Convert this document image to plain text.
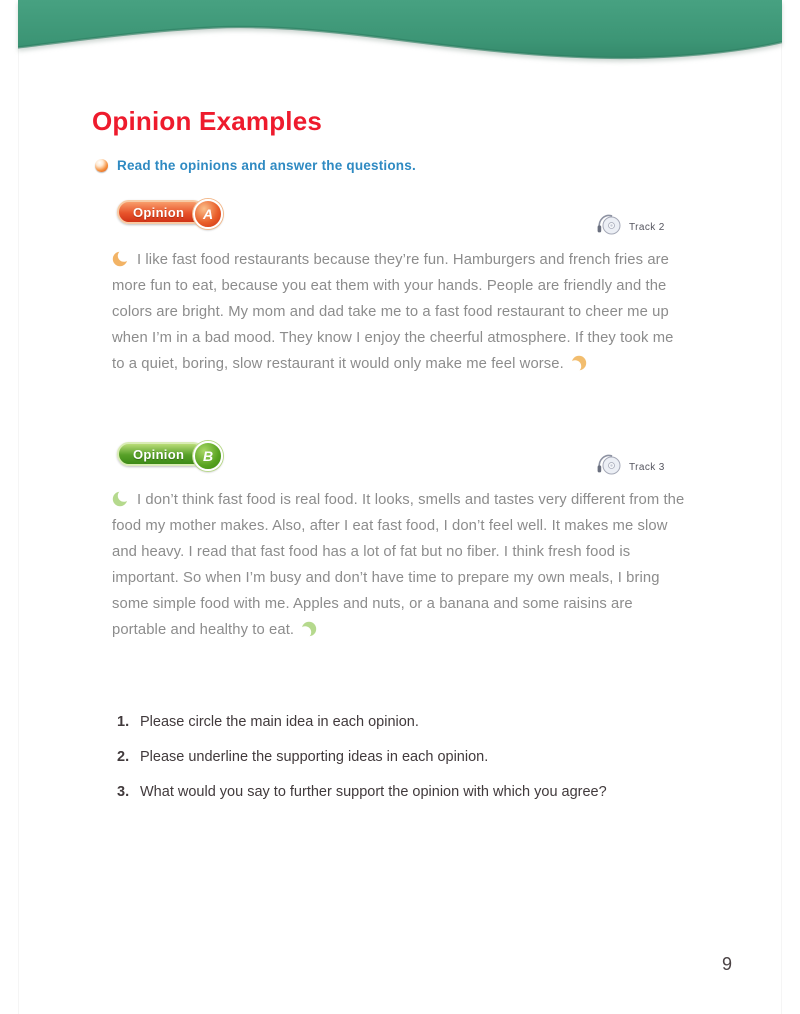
Opinion Examples
Read the opinions and answer the questions.
Opinion	A
Track 2
I like fast food restaurants because they’re fun. Hamburgers and french fries are more fun to eat, because you eat them with your hands. People are friendly and the colors are bright. My mom and dad take me to a fast food restaurant to cheer me up when I’m in a bad mood. They know I enjoy the cheerful atmosphere. If they took me to a quiet, boring, slow restaurant it would only make me feel worse.
Opinion	B
Track 3
I don’t think fast food is real food. It looks, smells and tastes very different from the food my mother makes. Also, after I eat fast food, I don’t feel well. It makes me slow and heavy. I read that fast food has a lot of fat but no fiber. I think fresh food is important. So when I’m busy and don’t have time to prepare my own meals, I bring some simple food with me. Apples and nuts, or a banana and some raisins are portable and healthy to eat.
1. Please circle the main idea in each opinion.
2. Please underline the supporting ideas in each opinion.
3. What would you say to further support the opinion with which you agree?
9
